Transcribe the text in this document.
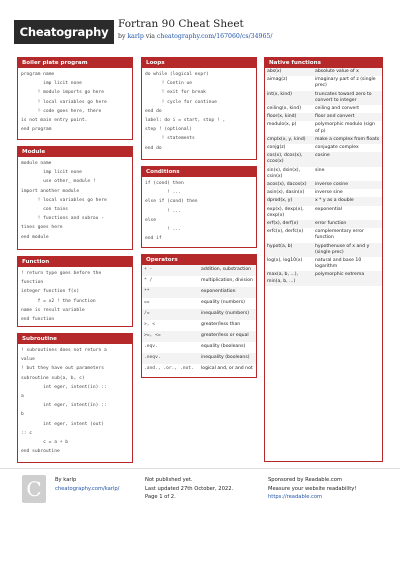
Cheatography
Fortran 90 Cheat Sheet
by karlp via cheatography.com/167060/cs/34965/
Boiler plate program
program name
imp licit none
! module imports go here
! local variables go here
! code goes here, there
is not main entry point.
end program
Module
module name
imp licit none
use other_ module !
import another module
! local variables go here
con tains
! functions and subrou -
tines goes here
end module
Function
! return type goes before the
function
integer function f(x)
f = x2 ! the function
name is result variable
end function
Subroutine
! subroutines does not return a
value
! but they have out parameters
subroutine sub(a, b, c)
int eger, intent(in) ::
a
int eger, intent(in) ::
b
int eger, intent (out)
:: c
c = a + b
end subroutine
Loops
do while (logical expr)
! Contin ue
! exit for break
! cycle for continue
end do
label: do i = start, stop ! ,
step ! (optional)
! statements
end do
Conditions
if (cond) then
! ...
else if (cond) then
! ...
else
! ...
end if
Operators
+ -	addition, substraction
* /	multiplication, division
**	exponentiation
==	equality (numbers)
/=	inequality (numbers)
>, <	greater/less than
>=, <=	greater/less or equal
.eqv.	equality (booleans)
.neqv.	inequality (booleans)
.and., .or., .not.	logical and, or and not
Native functions
abs(x)	absolute value of x
aimag(z)	imaginary part of z (single prec)
int(x, kind)	truncates toward zero to convert to integer
ceiling(x, kind)	ceiling and convert
floor(x, kind)	floor and convert
modulo(x, p)	polymorphic modulo (sign of p)
cmplx(x, y, kind)	make a complex from floats
conjg(z)	conjugate complex
cos(x), dcos(x), ccos(x)	cosine
sin(x), dsin(x), csin(x)	sine
acos(x), dacos(x)	inverse cosine
asin(x), dasin(x)	inverse sine
dprod(x, y)	x * y as a double
exp(x), dexp(x), cexp(x)	exponential
erf(x), derf(x)	error function
erfc(x), derfc(x)	complementary error function
hypot(a, b)	hypothenuse of x and y (single prec)
log(x), log10(x)	natural and base 10 logarithm
max(a, b, ...), min(a, b, ...)	polymorphic extrema
C	By karlp
cheatography.com/karlp/
Not published yet.
Last updated 27th October, 2022.
Page 1 of 2.
Sponsored by Readable.com
Measure your website readability!
https://readable.com
